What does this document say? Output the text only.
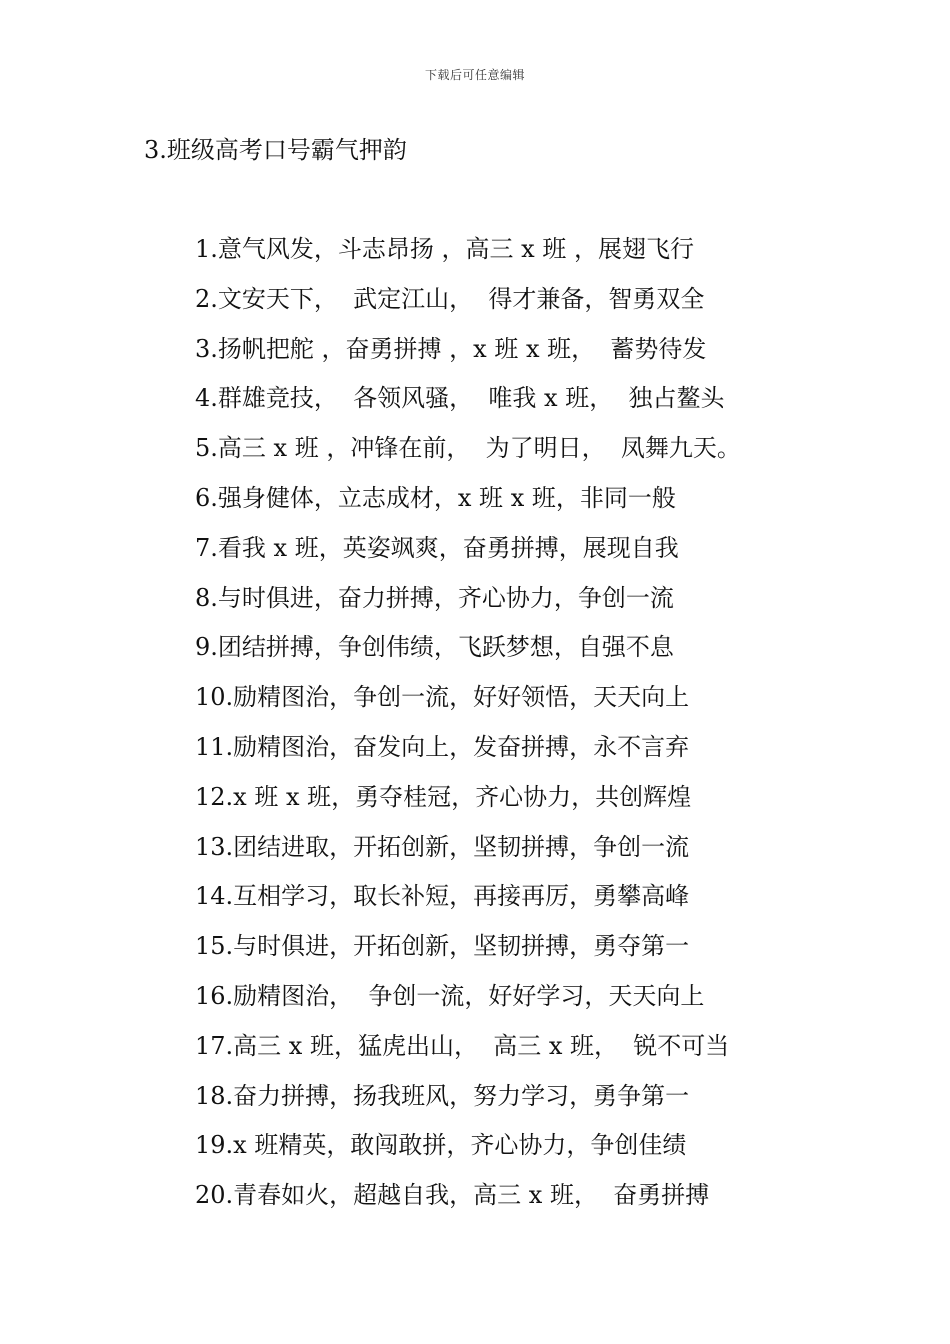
下载后可任意编辑
3.班级高考口号霸气押韵
1.意气风发，斗志昂扬 ，高三 x 班 ，展翅飞行
2.文安天下，  武定江山，  得才兼备，智勇双全
3.扬帆把舵 ，奋勇拼搏 ，x 班 x 班，  蓄势待发
4.群雄竞技，  各领风骚，  唯我 x 班，  独占鳌头
5.高三 x 班 ，冲锋在前，  为了明日，  凤舞九天。
6.强身健体，立志成材，x 班 x 班，非同一般
7.看我 x 班，英姿飒爽，奋勇拼搏，展现自我
8.与时俱进，奋力拼搏，齐心协力，争创一流
9.团结拼搏，争创伟绩，飞跃梦想，自强不息
10.励精图治，争创一流，好好领悟，天天向上
11.励精图治，奋发向上，发奋拼搏，永不言弃
12.x 班 x 班，勇夺桂冠，齐心协力，共创辉煌
13.团结进取，开拓创新，坚韧拼搏，争创一流
14.互相学习，取长补短，再接再厉，勇攀高峰
15.与时俱进，开拓创新，坚韧拼搏，勇夺第一
16.励精图治，  争创一流，好好学习，天天向上
17.高三 x 班，猛虎出山，  高三 x 班，  锐不可当
18.奋力拼搏，扬我班风，努力学习，勇争第一
19.x 班精英，敢闯敢拼，齐心协力，争创佳绩
20.青春如火，超越自我，高三 x 班，  奋勇拼搏
